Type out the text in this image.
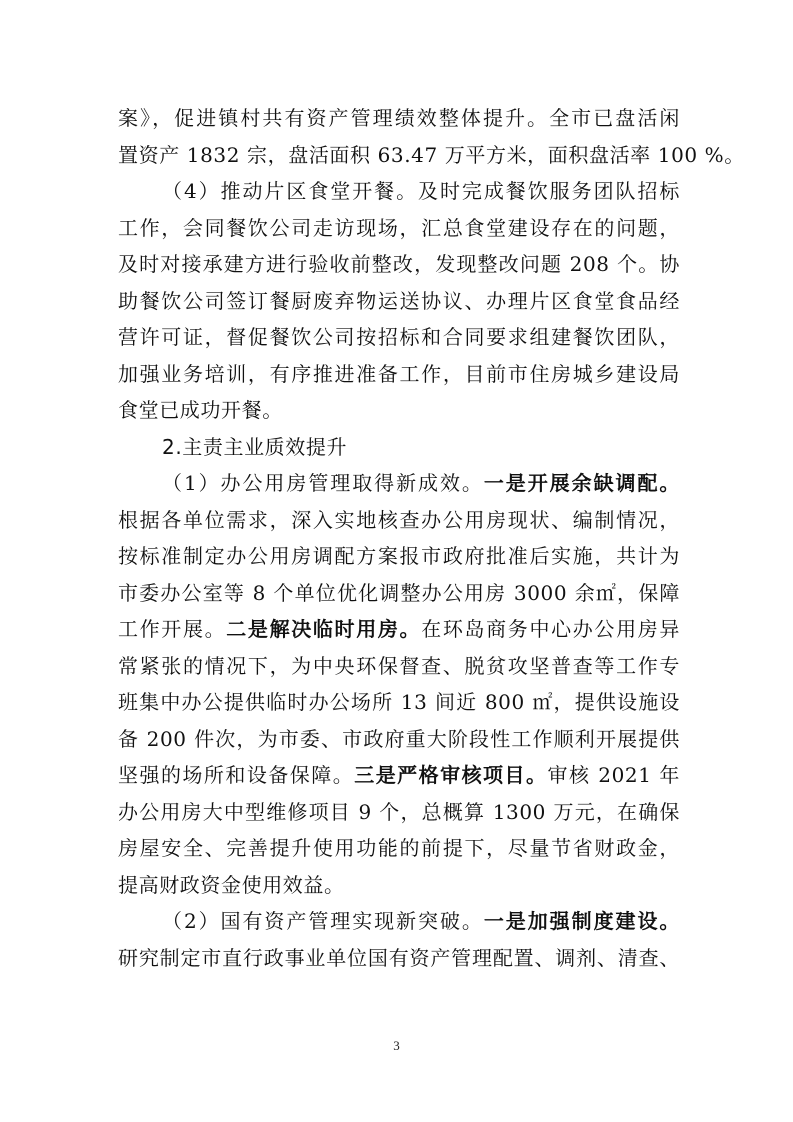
案》，促进镇村共有资产管理绩效整体提升。全市已盘活闲
置资产 1832 宗，盘活面积 63.47 万平方米，面积盘活率 100 %。
（4）推动片区食堂开餐。及时完成餐饮服务团队招标
工作，会同餐饮公司走访现场，汇总食堂建设存在的问题，
及时对接承建方进行验收前整改，发现整改问题 208 个。协
助餐饮公司签订餐厨废弃物运送协议、办理片区食堂食品经
营许可证，督促餐饮公司按招标和合同要求组建餐饮团队，
加强业务培训，有序推进准备工作，目前市住房城乡建设局
食堂已成功开餐。
2.主责主业质效提升
（1）办公用房管理取得新成效。一是开展余缺调配。
根据各单位需求，深入实地核查办公用房现状、编制情况，
按标准制定办公用房调配方案报市政府批准后实施，共计为
市委办公室等 8 个单位优化调整办公用房 3000 余㎡，保障
工作开展。二是解决临时用房。在环岛商务中心办公用房异
常紧张的情况下，为中央环保督查、脱贫攻坚普查等工作专
班集中办公提供临时办公场所 13 间近 800 ㎡，提供设施设
备 200 件次，为市委、市政府重大阶段性工作顺利开展提供
坚强的场所和设备保障。三是严格审核项目。审核 2021 年
办公用房大中型维修项目 9 个，总概算 1300 万元，在确保
房屋安全、完善提升使用功能的前提下，尽量节省财政金，
提高财政资金使用效益。
（2）国有资产管理实现新突破。一是加强制度建设。
研究制定市直行政事业单位国有资产管理配置、调剂、清查、
3
